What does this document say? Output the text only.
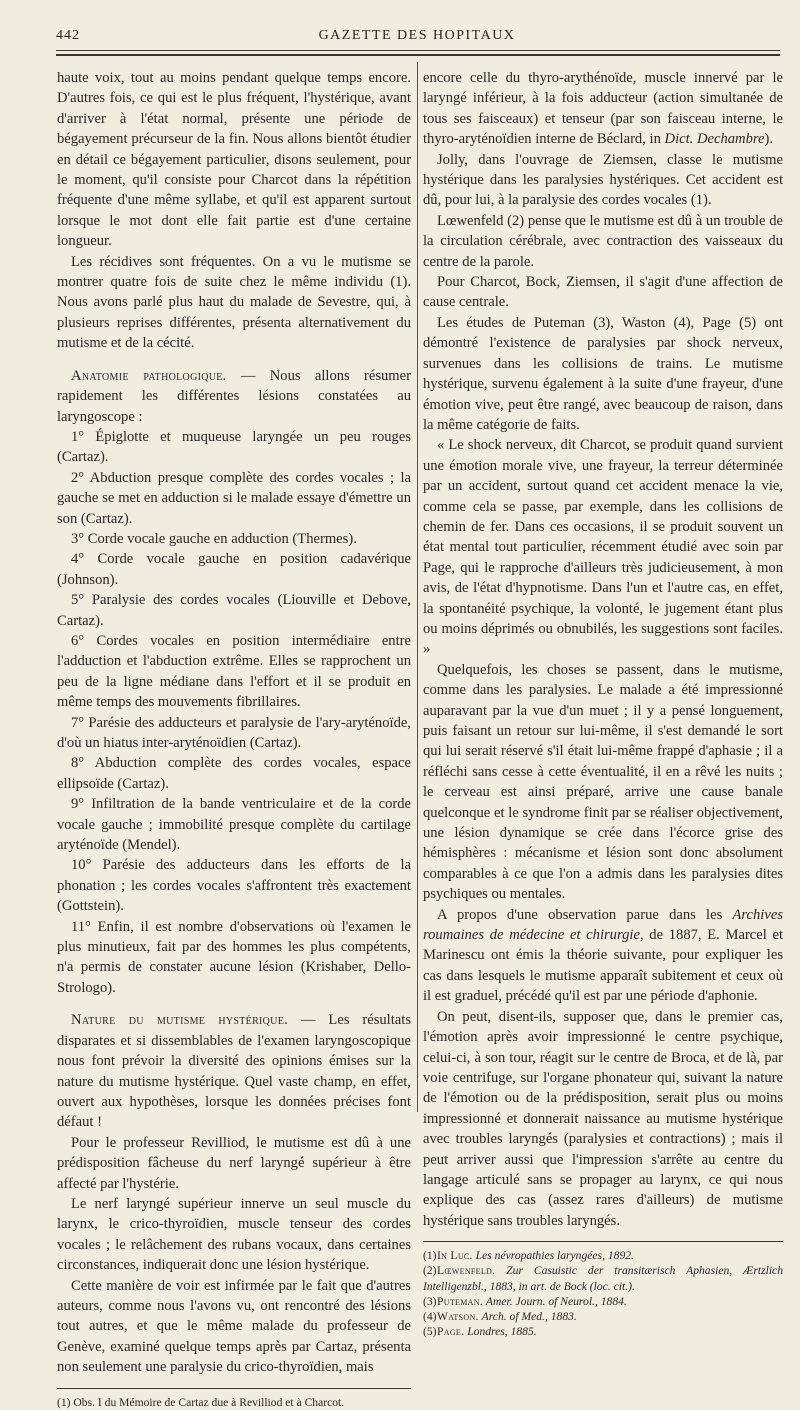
442	GAZETTE DES HOPITAUX

haute voix, tout au moins pendant quelque temps encore. D'autres fois, ce qui est le plus fréquent, l'hystérique, avant d'arriver à l'état normal, présente une période de bégayement précurseur de la fin. Nous allons bientôt étudier en détail ce bégayement particulier, disons seulement, pour le moment, qu'il consiste pour Charcot dans la répétition fréquente d'une même syllabe, et qu'il est apparent surtout lorsque le mot dont elle fait partie est d'une certaine longueur.

Les récidives sont fréquentes. On a vu le mutisme se montrer quatre fois de suite chez le même individu (1). Nous avons parlé plus haut du malade de Sevestre, qui, à plusieurs reprises différentes, présenta alternativement du mutisme et de la cécité.

Anatomie pathologique. — Nous allons résumer rapidement les différentes lésions constatées au laryngoscope :

1° Épiglotte et muqueuse laryngée un peu rouges (Cartaz).

2° Abduction presque complète des cordes vocales ; la gauche se met en adduction si le malade essaye d'émettre un son (Cartaz).

3° Corde vocale gauche en adduction (Thermes).

4° Corde vocale gauche en position cadavérique (Johnson).

5° Paralysie des cordes vocales (Liouville et Debove, Cartaz).

6° Cordes vocales en position intermédiaire entre l'adduction et l'abduction extrême. Elles se rapprochent un peu de la ligne médiane dans l'effort et il se produit en même temps des mouvements fibrillaires.

7° Parésie des adducteurs et paralysie de l'ary-aryténoïde, d'où un hiatus inter-aryténoïdien (Cartaz).

8° Abduction complète des cordes vocales, espace ellipsoïde (Cartaz).

9° Infiltration de la bande ventriculaire et de la corde vocale gauche ; immobilité presque complète du cartilage aryténoïde (Mendel).

10° Parésie des adducteurs dans les efforts de la phonation ; les cordes vocales s'affrontent très exactement (Gottstein).

11° Enfin, il est nombre d'observations où l'examen le plus minutieux, fait par des hommes les plus compétents, n'a permis de constater aucune lésion (Krishaber, Dello-Strologo).

Nature du mutisme hystérique. — Les résultats disparates et si dissemblables de l'examen laryngoscopique nous font prévoir la diversité des opinions émises sur la nature du mutisme hystérique. Quel vaste champ, en effet, ouvert aux hypothèses, lorsque les données précises font défaut !

Pour le professeur Revilliod, le mutisme est dû à une prédisposition fâcheuse du nerf laryngé supérieur à être affecté par l'hystérie.

Le nerf laryngé supérieur innerve un seul muscle du larynx, le crico-thyroïdien, muscle tenseur des cordes vocales ; le relâchement des rubans vocaux, dans certaines circonstances, indiquerait donc une lésion hystérique.

Cette manière de voir est infirmée par le fait que d'autres auteurs, comme nous l'avons vu, ont rencontré des lésions tout autres, et que le même malade du professeur de Genève, examiné quelque temps après par Cartaz, présenta non seulement une paralysie du crico-thyroïdien, mais

(1) Obs. I du Mémoire de Cartaz due à Revilliod et à Charcot.

encore celle du thyro-arythénoïde, muscle innervé par le laryngé inférieur, à la fois adducteur (action simultanée de tous ses faisceaux) et tenseur (par son faisceau interne, le thyro-aryténoïdien interne de Béclard, in Dict. Dechambre).

Jolly, dans l'ouvrage de Ziemsen, classe le mutisme hystérique dans les paralysies hystériques. Cet accident est dû, pour lui, à la paralysie des cordes vocales (1).

Lœwenfeld (2) pense que le mutisme est dû à un trouble de la circulation cérébrale, avec contraction des vaisseaux du centre de la parole.

Pour Charcot, Bock, Ziemsen, il s'agit d'une affection de cause centrale.

Les études de Puteman (3), Waston (4), Page (5) ont démontré l'existence de paralysies par shock nerveux, survenues dans les collisions de trains. Le mutisme hystérique, survenu également à la suite d'une frayeur, d'une émotion vive, peut être rangé, avec beaucoup de raison, dans la même catégorie de faits.

« Le shock nerveux, dit Charcot, se produit quand survient une émotion morale vive, une frayeur, la terreur déterminée par un accident, surtout quand cet accident menace la vie, comme cela se passe, par exemple, dans les collisions de chemin de fer. Dans ces occasions, il se produit souvent un état mental tout particulier, récemment étudié avec soin par Page, qui le rapproche d'ailleurs très judicieusement, à mon avis, de l'état d'hypnotisme. Dans l'un et l'autre cas, en effet, la spontanéité psychique, la volonté, le jugement étant plus ou moins déprimés ou obnubilés, les suggestions sont faciles. »

Quelquefois, les choses se passent, dans le mutisme, comme dans les paralysies. Le malade a été impressionné auparavant par la vue d'un muet ; il y a pensé longuement, puis faisant un retour sur lui-même, il s'est demandé le sort qui lui serait réservé s'il était lui-même frappé d'aphasie ; il a réfléchi sans cesse à cette éventualité, il en a rêvé les nuits ; le cerveau est ainsi préparé, arrive une cause banale quelconque et le syndrome finit par se réaliser objectivement, une lésion dynamique se crée dans l'écorce grise des hémisphères : mécanisme et lésion sont donc absolument comparables à ce que l'on a admis dans les paralysies dites psychiques ou mentales.

A propos d'une observation parue dans les Archives roumaines de médecine et chirurgie, de 1887, E. Marcel et Marinescu ont émis la théorie suivante, pour expliquer les cas dans lesquels le mutisme apparaît subitement et ceux où il est graduel, précédé qu'il est par une période d'aphonie.

On peut, disent-ils, supposer que, dans le premier cas, l'émotion après avoir impressionné le centre psychique, celui-ci, à son tour, réagit sur le centre de Broca, et de là, par voie centrifuge, sur l'organe phonateur qui, suivant la nature de l'émotion ou de la prédisposition, serait plus ou moins impressionné et donnerait naissance au mutisme hystérique avec troubles laryngés (paralysies et contractions) ; mais il peut arriver aussi que l'impression s'arrête au centre du langage articulé sans se propager au larynx, ce qui nous explique des cas (assez rares d'ailleurs) de mutisme hystérique sans troubles laryngés.

(1)In Luc. Les névropathies laryngées, 1892.

(2)Lœwenfeld. Zur Casuistic der transitærisch Aphasien, Ærtzlich Intelligenzbl., 1883, in art. de Bock (loc. cit.).

(3)Puteman. Amer. Journ. of Neurol., 1884.

(4)Watson. Arch. of Med., 1883.

(5)Page. Londres, 1885.
